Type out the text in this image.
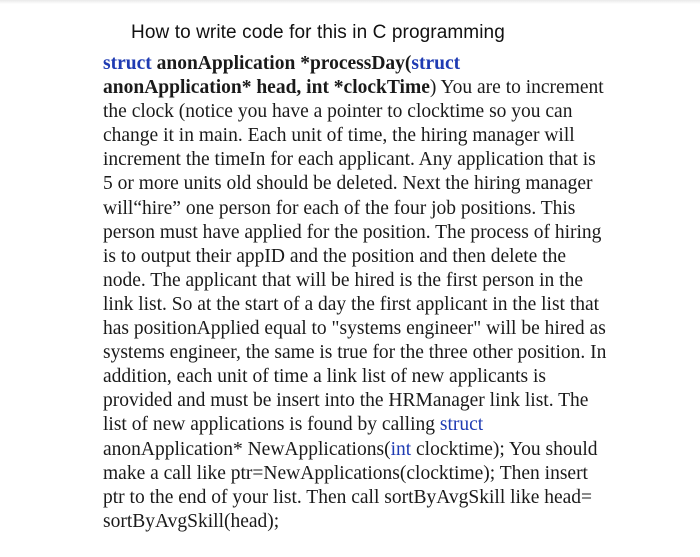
How to write code for this in C programming
struct anonApplication *processDay(struct
anonApplication* head, int *clockTime) You are to increment
the clock (notice you have a pointer to clocktime so you can
change it in main. Each unit of time, the hiring manager will
increment the timeIn for each applicant. Any application that is
5 or more units old should be deleted. Next the hiring manager
will“hire” one person for each of the four job positions. This
person must have applied for the position. The process of hiring
is to output their appID and the position and then delete the
node. The applicant that will be hired is the first person in the
link list. So at the start of a day the first applicant in the list that
has positionApplied equal to "systems engineer" will be hired as
systems engineer, the same is true for the three other position. In
addition, each unit of time a link list of new applicants is
provided and must be insert into the HRManager link list. The
list of new applications is found by calling struct
anonApplication* NewApplications(int clocktime); You should
make a call like ptr=NewApplications(clocktime); Then insert
ptr to the end of your list. Then call sortByAvgSkill like head=
sortByAvgSkill(head);
